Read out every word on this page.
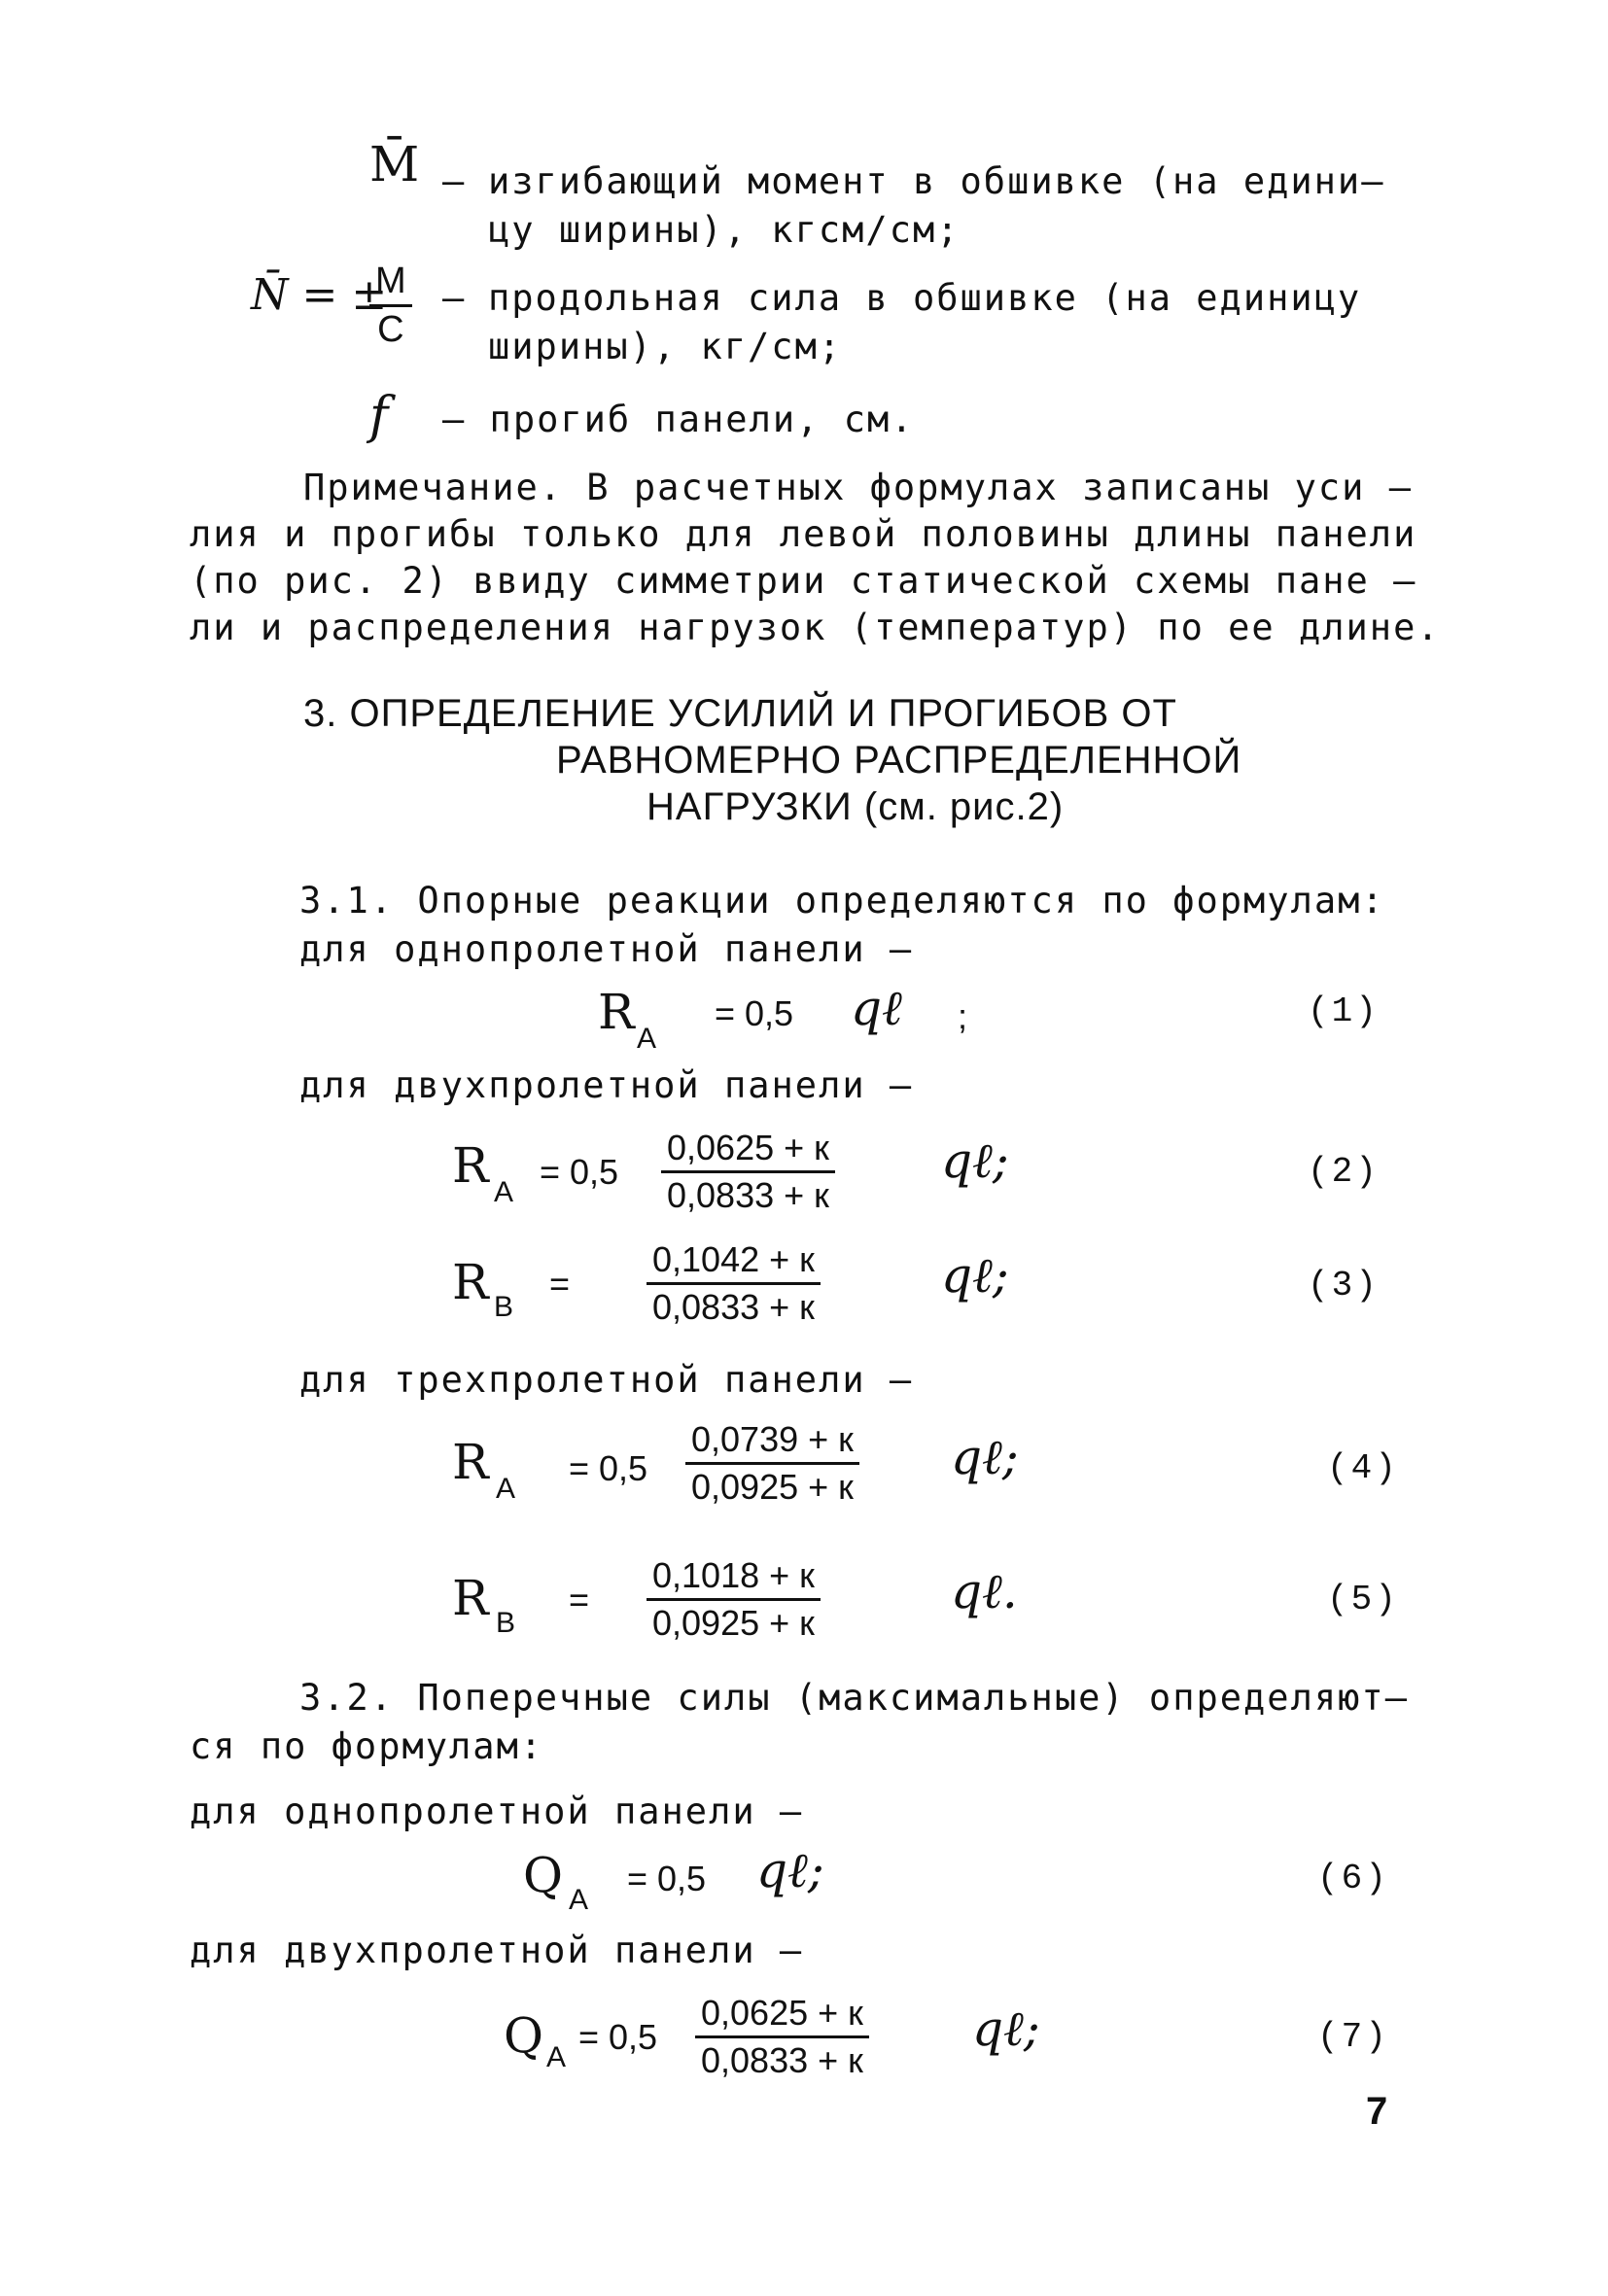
M̄ – изгибающий момент в обшивке (на едини–
цу ширины), кгсм/см;
N̄ = ±
$\frac{M}{C}$ – продольная сила в обшивке (на единицу
ширины), кг/см;
f – прогиб панели, см.
Примечание. В расчетных формулах записаны уси –
лия и прогибы только для левой половины длины панели
(по рис. 2) ввиду симметрии статической схемы пане –
ли и распределения нагрузок (температур) по ее длине.
3. ОПРЕДЕЛЕНИЕ УСИЛИЙ И ПРОГИБОВ ОТ
РАВНОМЕРНО РАСПРЕДЕЛЕННОЙ
НАГРУЗКИ (см. рис.2)
3.1. Опорные реакции определяются по формулам:
для однопролетной панели –
R A
= 0,5 qℓ ;	(1)
для двухпролетной панели –
R A
= 0,5
0,0625 + к
0,0833 + к
qℓ;	(2)
R В
=
0,1042 + к
0,0833 + к
qℓ;	(3)
для трехпролетной панели –
R A
= 0,5
0,0739 + к
0,0925 + к
qℓ;	(4)
R В
=
0,1018 + к
0,0925 + к
qℓ.	(5)
3.2. Поперечные силы (максимальные) определяют–
ся по формулам:
для однопролетной панели –
Q A
= 0,5 qℓ;	(6)
для двухпролетной панели –
Q A
= 0,5
0,0625 + к
0,0833 + к
qℓ;	(7)
7
